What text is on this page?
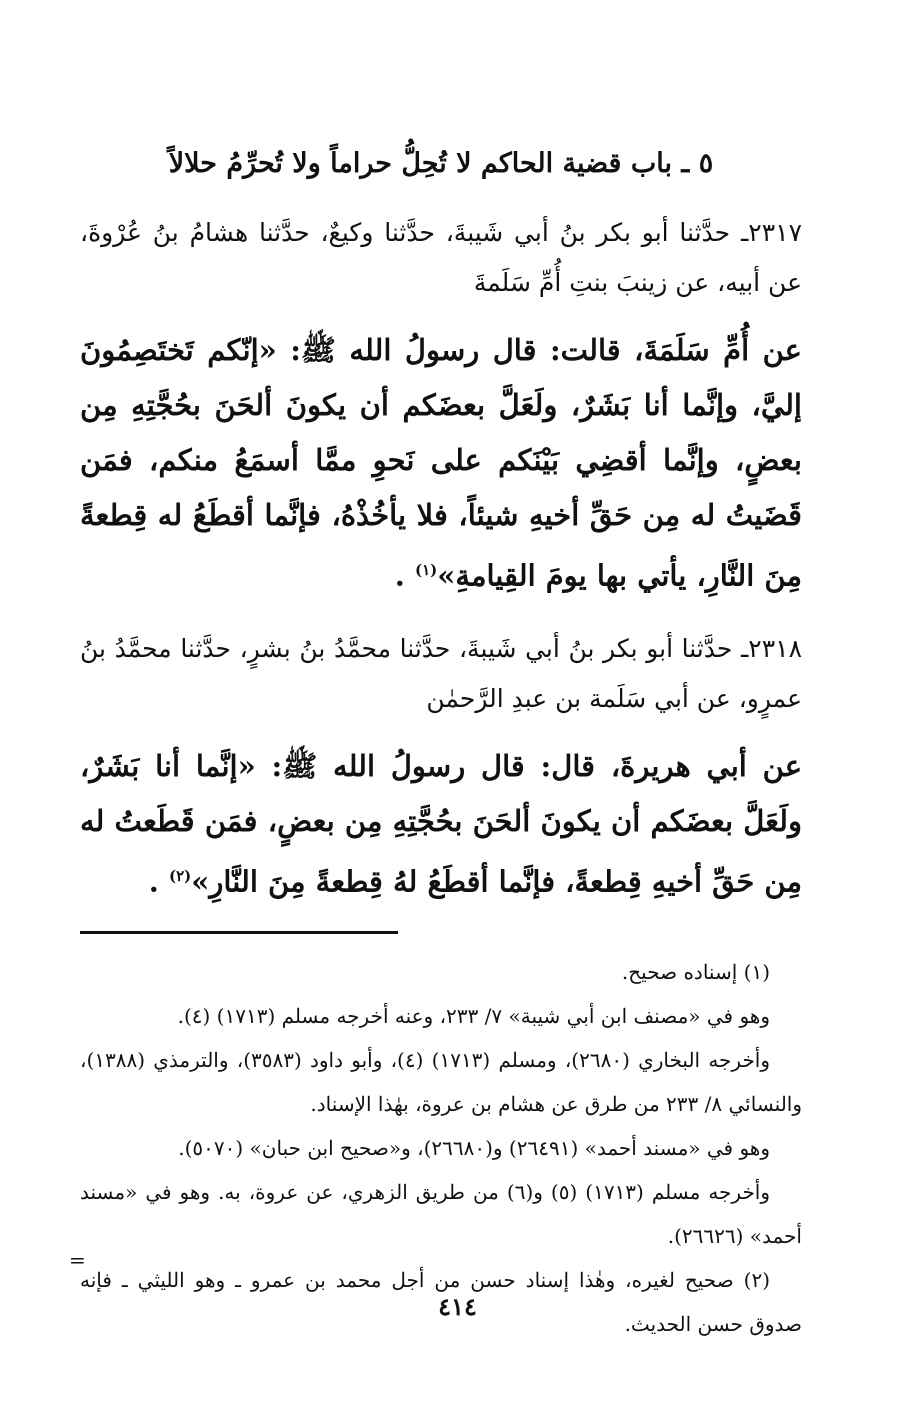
٥ ـ باب قضية الحاكم لا تُحِلُّ حراماً ولا تُحرِّمُ حلالاً

٢٣١٧ـ حدَّثنا أبو بكر بنُ أبي شَيبةَ، حدَّثنا وكيعٌ، حدَّثنا هشامُ بنُ عُرْوةَ، عن أبيه، عن زينبَ بنتِ أُمِّ سَلَمةَ

عن أُمِّ سَلَمَةَ، قالت: قال رسولُ الله ﷺ: «إنّكم تَختَصِمُونَ إليَّ، وإنَّما أنا بَشَرٌ، ولَعَلَّ بعضَكم أن يكونَ ألحَنَ بحُجَّتِهِ مِن بعضٍ، وإنَّما أقضِي بَيْنَكم على نَحوِ ممَّا أسمَعُ منكم، فمَن قَضَيتُ له مِن حَقِّ أخيهِ شيئاً، فلا يأخُذْهُ، فإنَّما أقطَعُ له قِطعةً مِنَ النَّارِ، يأتي بها يومَ القِيامةِ»$^{(١)}$ .

٢٣١٨ـ حدَّثنا أبو بكر بنُ أبي شَيبةَ، حدَّثنا محمَّدُ بنُ بشرٍ، حدَّثنا محمَّدُ بنُ عمرٍو، عن أبي سَلَمة بن عبدِ الرَّحمٰن

عن أبي هريرةَ، قال: قال رسولُ الله ﷺ: «إنَّما أنا بَشَرٌ، ولَعَلَّ بعضَكم أن يكونَ ألحَنَ بحُجَّتِهِ مِن بعضٍ، فمَن قَطَعتُ له مِن حَقِّ أخيهِ قِطعةً، فإنَّما أقطَعُ لهُ قِطعةً مِنَ النَّارِ»$^{(٢)}$ .

(١) إسناده صحيح.

وهو في «مصنف ابن أبي شيبة» ٧/ ٢٣٣، وعنه أخرجه مسلم (١٧١٣) (٤).

وأخرجه البخاري (٢٦٨٠)، ومسلم (١٧١٣) (٤)، وأبو داود (٣٥٨٣)، والترمذي (١٣٨٨)، والنسائي ٨/ ٢٣٣ من طرق عن هشام بن عروة، بهٰذا الإسناد.

وهو في «مسند أحمد» (٢٦٤٩١) و(٢٦٦٨٠)، و«صحيح ابن حبان» (٥٠٧٠).

وأخرجه مسلم (١٧١٣) (٥) و(٦) من طريق الزهري، عن عروة، به. وهو في «مسند أحمد» (٢٦٦٢٦).

(٢) صحيح لغيره، وهٰذا إسناد حسن من أجل محمد بن عمرو ـ وهو الليثي ـ فإنه صدوق حسن الحديث.

=
٤١٤
